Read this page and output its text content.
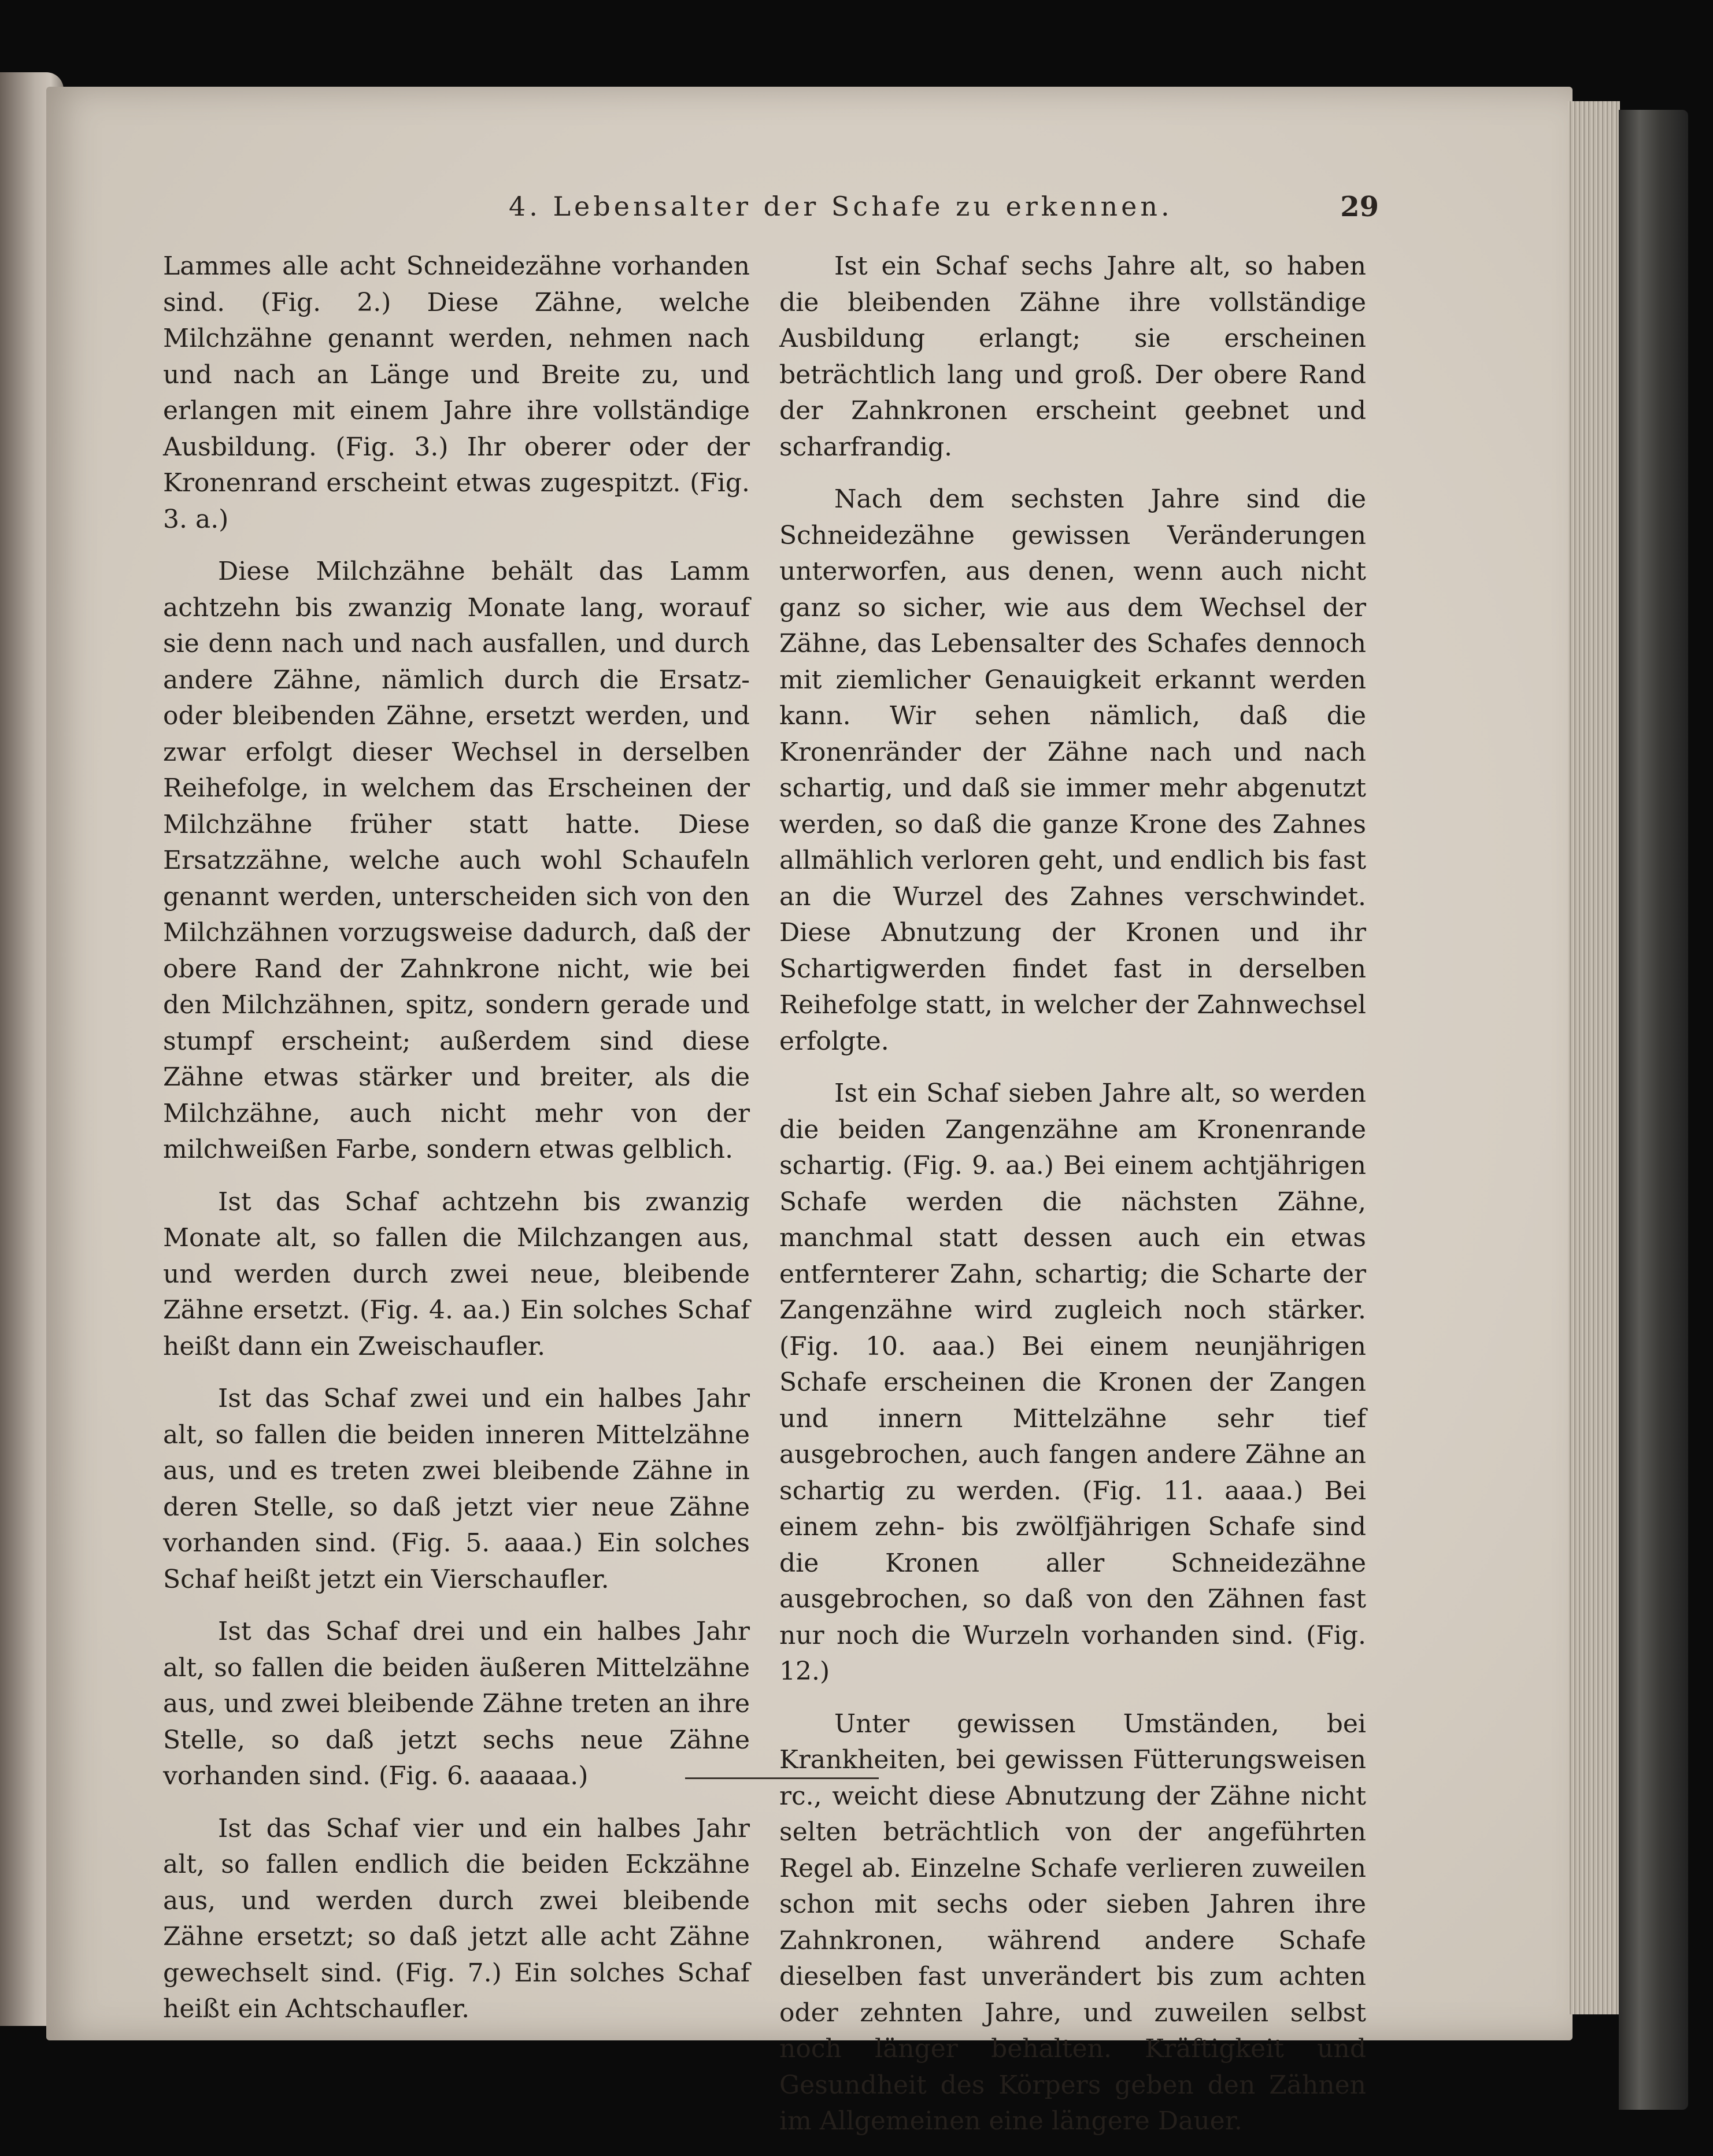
4. Lebensalter der Schafe zu erkennen.	29

Lammes alle acht Schneidezähne vorhanden sind. (Fig. 2.) Diese Zähne, welche Milchzähne genannt werden, nehmen nach und nach an Länge und Breite zu, und erlangen mit einem Jahre ihre vollständige Ausbildung. (Fig. 3.) Ihr oberer oder der Kronenrand erscheint etwas zugespitzt. (Fig. 3. a.)

Diese Milchzähne behält das Lamm achtzehn bis zwanzig Monate lang, worauf sie denn nach und nach ausfallen, und durch andere Zähne, nämlich durch die Ersatz- oder bleibenden Zähne, ersetzt werden, und zwar erfolgt dieser Wechsel in derselben Reihefolge, in welchem das Erscheinen der Milchzähne früher statt hatte. Diese Ersatzzähne, welche auch wohl Schaufeln genannt werden, unterscheiden sich von den Milchzähnen vorzugsweise dadurch, daß der obere Rand der Zahnkrone nicht, wie bei den Milchzähnen, spitz, sondern gerade und stumpf erscheint; außerdem sind diese Zähne etwas stärker und breiter, als die Milchzähne, auch nicht mehr von der milchweißen Farbe, sondern etwas gelblich.

Ist das Schaf achtzehn bis zwanzig Monate alt, so fallen die Milchzangen aus, und werden durch zwei neue, bleibende Zähne ersetzt. (Fig. 4. aa.) Ein solches Schaf heißt dann ein Zweischaufler.

Ist das Schaf zwei und ein halbes Jahr alt, so fallen die beiden inneren Mittelzähne aus, und es treten zwei bleibende Zähne in deren Stelle, so daß jetzt vier neue Zähne vorhanden sind. (Fig. 5. aaaa.) Ein solches Schaf heißt jetzt ein Vierschaufler.

Ist das Schaf drei und ein halbes Jahr alt, so fallen die beiden äußeren Mittelzähne aus, und zwei bleibende Zähne treten an ihre Stelle, so daß jetzt sechs neue Zähne vorhanden sind. (Fig. 6. aaaaaa.)

Ist das Schaf vier und ein halbes Jahr alt, so fallen endlich die beiden Eckzähne aus, und werden durch zwei bleibende Zähne ersetzt; so daß jetzt alle acht Zähne gewechselt sind. (Fig. 7.) Ein solches Schaf heißt ein Achtschaufler.

Ist ein Schaf sechs Jahre alt, so haben die bleibenden Zähne ihre vollständige Ausbildung erlangt; sie erscheinen beträchtlich lang und groß. Der obere Rand der Zahnkronen erscheint geebnet und scharfrandig.

Nach dem sechsten Jahre sind die Schneidezähne gewissen Veränderungen unterworfen, aus denen, wenn auch nicht ganz so sicher, wie aus dem Wechsel der Zähne, das Lebensalter des Schafes dennoch mit ziemlicher Genauigkeit erkannt werden kann. Wir sehen nämlich, daß die Kronenränder der Zähne nach und nach schartig, und daß sie immer mehr abgenutzt werden, so daß die ganze Krone des Zahnes allmählich verloren geht, und endlich bis fast an die Wurzel des Zahnes verschwindet. Diese Abnutzung der Kronen und ihr Schartigwerden findet fast in derselben Reihefolge statt, in welcher der Zahnwechsel erfolgte.

Ist ein Schaf sieben Jahre alt, so werden die beiden Zangenzähne am Kronenrande schartig. (Fig. 9. aa.) Bei einem achtjährigen Schafe werden die nächsten Zähne, manchmal statt dessen auch ein etwas entfernterer Zahn, schartig; die Scharte der Zangenzähne wird zugleich noch stärker. (Fig. 10. aaa.) Bei einem neunjährigen Schafe erscheinen die Kronen der Zangen und innern Mittelzähne sehr tief ausgebrochen, auch fangen andere Zähne an schartig zu werden. (Fig. 11. aaaa.) Bei einem zehn- bis zwölfjährigen Schafe sind die Kronen aller Schneidezähne ausgebrochen, so daß von den Zähnen fast nur noch die Wurzeln vorhanden sind. (Fig. 12.)

Unter gewissen Umständen, bei Krankheiten, bei gewissen Fütterungsweisen rc., weicht diese Abnutzung der Zähne nicht selten beträchtlich von der angeführten Regel ab. Einzelne Schafe verlieren zuweilen schon mit sechs oder sieben Jahren ihre Zahnkronen, während andere Schafe dieselben fast unverändert bis zum achten oder zehnten Jahre, und zuweilen selbst noch länger behalten. Kräftigkeit und Gesundheit des Körpers geben den Zähnen im Allgemeinen eine längere Dauer.
